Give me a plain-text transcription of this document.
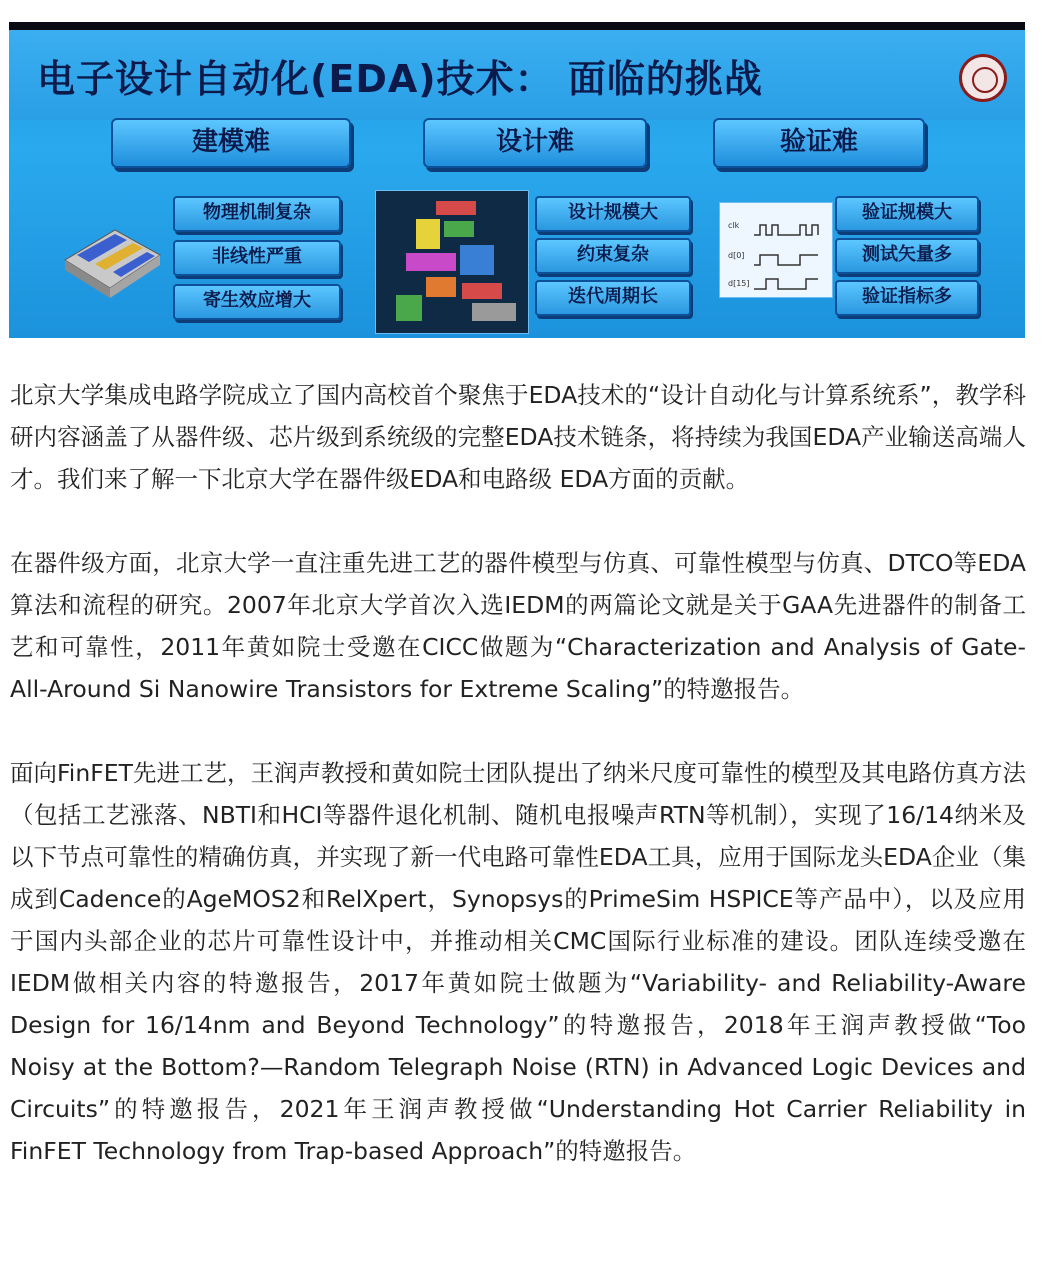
电子设计自动化(EDA)技术： 面临的挑战
建模难	设计难	验证难
物理机制复杂
非线性严重
寄生效应增大
设计规模大
约束复杂
迭代周期长
clk
d[0]
d[15]
验证规模大
测试矢量多
验证指标多

北京大学集成电路学院成立了国内高校首个聚焦于EDA技术的“设计自动化与计算系统系”，教学科研内容涵盖了从器件级、芯片级到系统级的完整EDA技术链条，将持续为我国EDA产业输送高端人才。我们来了解一下北京大学在器件级EDA和电路级 EDA方面的贡献。

在器件级方面，北京大学一直注重先进工艺的器件模型与仿真、可靠性模型与仿真、DTCO等EDA算法和流程的研究。2007年北京大学首次入选IEDM的两篇论文就是关于GAA先进器件的制备工艺和可靠性，2011年黄如院士受邀在CICC做题为“Characterization and Analysis of Gate-All-Around Si Nanowire Transistors for Extreme Scaling”的特邀报告。

面向FinFET先进工艺，王润声教授和黄如院士团队提出了纳米尺度可靠性的模型及其电路仿真方法（包括工艺涨落、NBTI和HCI等器件退化机制、随机电报噪声RTN等机制），实现了16/14纳米及以下节点可靠性的精确仿真，并实现了新一代电路可靠性EDA工具，应用于国际龙头EDA企业（集成到Cadence的AgeMOS2和RelXpert，Synopsys的PrimeSim HSPICE等产品中），以及应用于国内头部企业的芯片可靠性设计中，并推动相关CMC国际行业标准的建设。团队连续受邀在IEDM做相关内容的特邀报告，2017年黄如院士做题为“Variability- and Reliability-Aware Design for 16/14nm and Beyond Technology”的特邀报告，2018年王润声教授做“Too Noisy at the Bottom?—Random Telegraph Noise (RTN) in Advanced Logic Devices and Circuits”的特邀报告，2021年王润声教授做“Understanding Hot Carrier Reliability in FinFET Technology from Trap-based Approach”的特邀报告。
